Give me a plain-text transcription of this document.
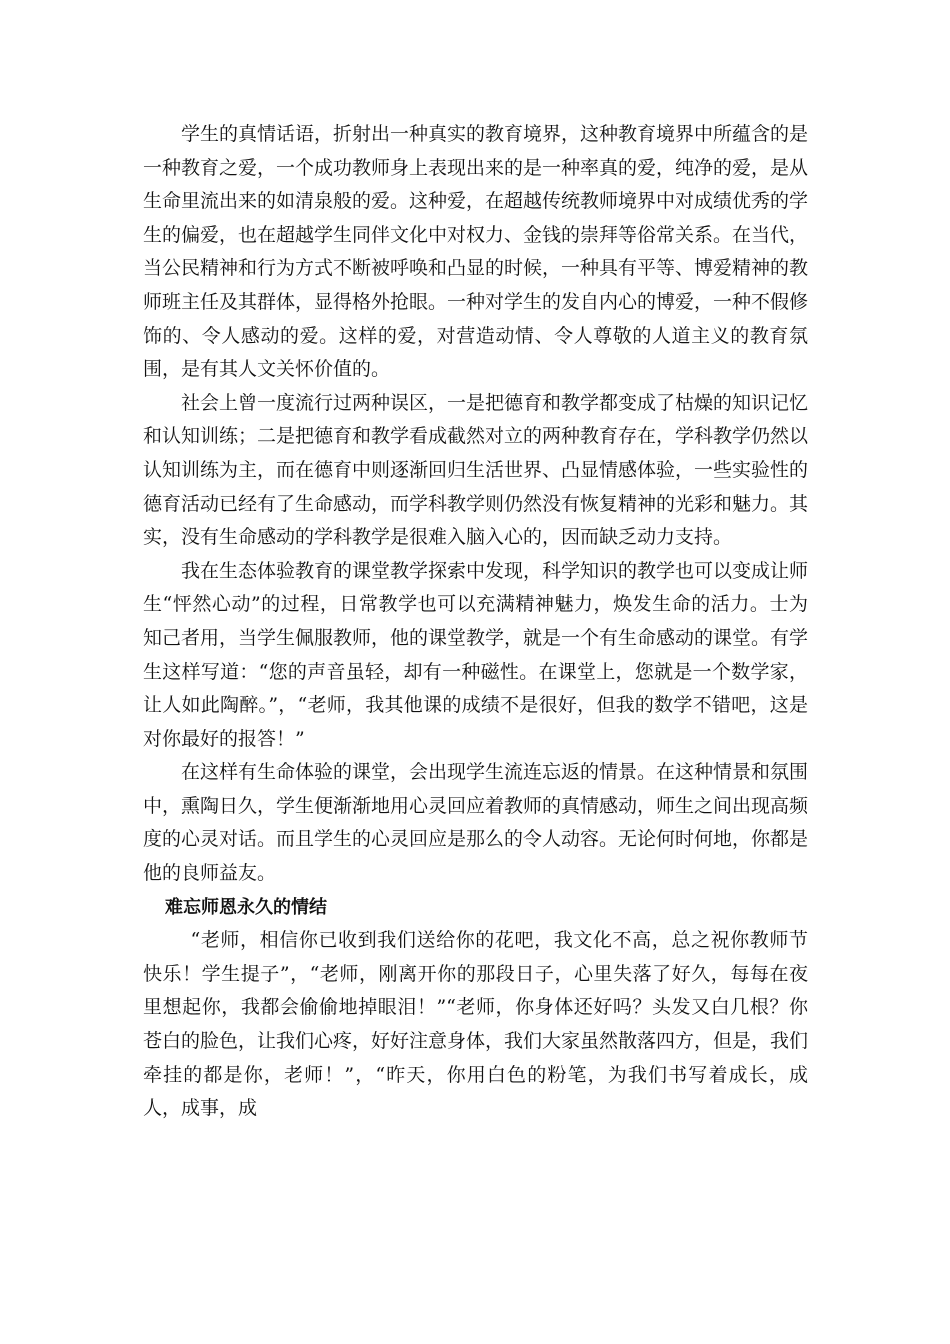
学生的真情话语，折射出一种真实的教育境界，这种教育境界中所蕴含的是一种教育之爱，一个成功教师身上表现出来的是一种率真的爱，纯净的爱，是从生命里流出来的如清泉般的爱。这种爱，在超越传统教师境界中对成绩优秀的学生的偏爱，也在超越学生同伴文化中对权力、金钱的崇拜等俗常关系。在当代，当公民精神和行为方式不断被呼唤和凸显的时候，一种具有平等、博爱精神的教师班主任及其群体，显得格外抢眼。一种对学生的发自内心的博爱，一种不假修饰的、令人感动的爱。这样的爱，对营造动情、令人尊敬的人道主义的教育氛围，是有其人文关怀价值的。

社会上曾一度流行过两种误区，一是把德育和教学都变成了枯燥的知识记忆和认知训练；二是把德育和教学看成截然对立的两种教育存在，学科教学仍然以认知训练为主，而在德育中则逐渐回归生活世界、凸显情感体验，一些实验性的德育活动已经有了生命感动，而学科教学则仍然没有恢复精神的光彩和魅力。其实，没有生命感动的学科教学是很难入脑入心的，因而缺乏动力支持。

我在生态体验教育的课堂教学探索中发现，科学知识的教学也可以变成让师生“怦然心动”的过程，日常教学也可以充满精神魅力，焕发生命的活力。士为知己者用，当学生佩服教师，他的课堂教学，就是一个有生命感动的课堂。有学生这样写道：“您的声音虽轻，却有一种磁性。在课堂上，您就是一个数学家，让人如此陶醉。”，“老师，我其他课的成绩不是很好，但我的数学不错吧，这是对你最好的报答！”

在这样有生命体验的课堂，会出现学生流连忘返的情景。在这种情景和氛围中，熏陶日久，学生便渐渐地用心灵回应着教师的真情感动，师生之间出现高频度的心灵对话。而且学生的心灵回应是那么的令人动容。无论何时何地，你都是他的良师益友。

难忘师恩永久的情结

“老师，相信你已收到我们送给你的花吧，我文化不高，总之祝你教师节快乐！学生提子”，“老师，刚离开你的那段日子，心里失落了好久，每每在夜里想起你，我都会偷偷地掉眼泪！”“老师，你身体还好吗？头发又白几根？你苍白的脸色，让我们心疼，好好注意身体，我们大家虽然散落四方，但是，我们牵挂的都是你，老师！”，“昨天，你用白色的粉笔，为我们书写着成长，成人，成事，成
